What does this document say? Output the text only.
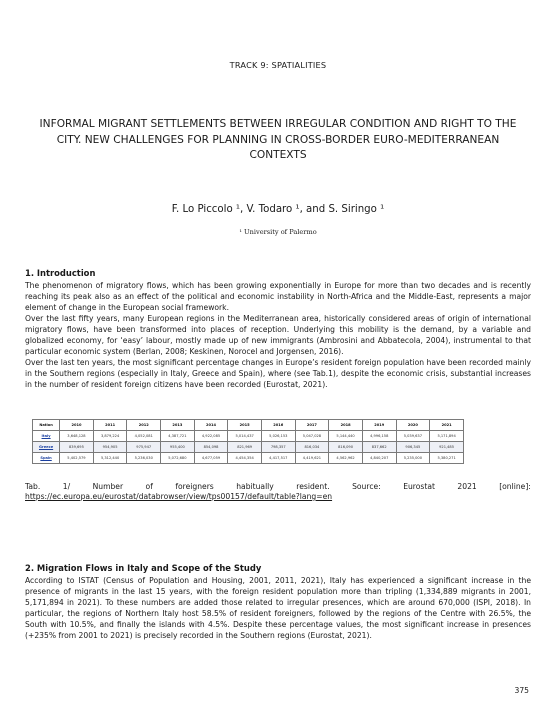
TRACK 9: SPATIALITIES
INFORMAL MIGRANT SETTLEMENTS BETWEEN IRREGULAR CONDITION AND RIGHT TO THE CITY. NEW CHALLENGES FOR PLANNING IN CROSS-BORDER EURO-MEDITERRANEAN CONTEXTS
F. Lo Piccolo ¹, V. Todaro ¹, and S. Siringo ¹
¹ University of Palermo
1. Introduction

The phenomenon of migratory flows, which has been growing exponentially in Europe for more than two decades and is recently reaching its peak also as an effect of the political and economic instability in North-Africa and the Middle-East, represents a major element of change in the European social framework.

Over the last fifty years, many European regions in the Mediterranean area, historically considered areas of origin of international migratory flows, have been transformed into places of reception. Underlying this mobility is the demand, by a variable and globalized economy, for ‘easy’ labour, mostly made up of new immigrants (Ambrosini and Abbatecola, 2004), instrumental to that particular economic system (Berlan, 2008; Keskinen, Norocel and Jorgensen, 2016).

Over the last ten years, the most significant percentage changes in Europe’s resident foreign population have been recorded mainly in the Southern regions (especially in Italy, Greece and Spain), where (see Tab.1), despite the economic crisis, substantial increases in the number of resident foreign citizens have been recorded (Eurostat, 2021).

Nation	2010	2011	2012	2013	2014	2015	2016	2017	2018	2019	2020	2021
Italy	3,648,128	3,879,224	4,052,081	4,387,721	4,922,085	5,014,437	5,026,153	5,047,028	5,144,440	4,996,158	5,039,637	5,171,894
Greece	839,695	954,905	975,947	955,400	854,098	821,969	798,357	816,034	816,090	837,662	906,345	921,485
Spain	5,402,579	5,312,440	5,236,030	5,072,680	4,677,059	4,454,354	4,417,517	4,419,621	4,562,962	4,840,207	5,235,000	5,380,271
Tab.	1/	Number	of	foreigners	habitually	resident.	Source:	Eurostat	2021	[online]:
https://ec.europa.eu/eurostat/databrowser/view/tps00157/default/table?lang=en
2. Migration Flows in Italy and Scope of the Study

According to ISTAT (Census of Population and Housing, 2001, 2011, 2021), Italy has experienced a significant increase in the presence of migrants in the last 15 years, with the foreign resident population more than tripling (1,334,889 migrants in 2001, 5,171,894 in 2021). To these numbers are added those related to irregular presences, which are around 670,000 (ISPI, 2018). In particular, the regions of Northern Italy host 58.5% of resident foreigners, followed by the regions of the Centre with 26.5%, the South with 10.5%, and finally the islands with 4.5%. Despite these percentage values, the most significant increase in presences (+235% from 2001 to 2021) is precisely recorded in the Southern regions (Eurostat, 2021).

375
